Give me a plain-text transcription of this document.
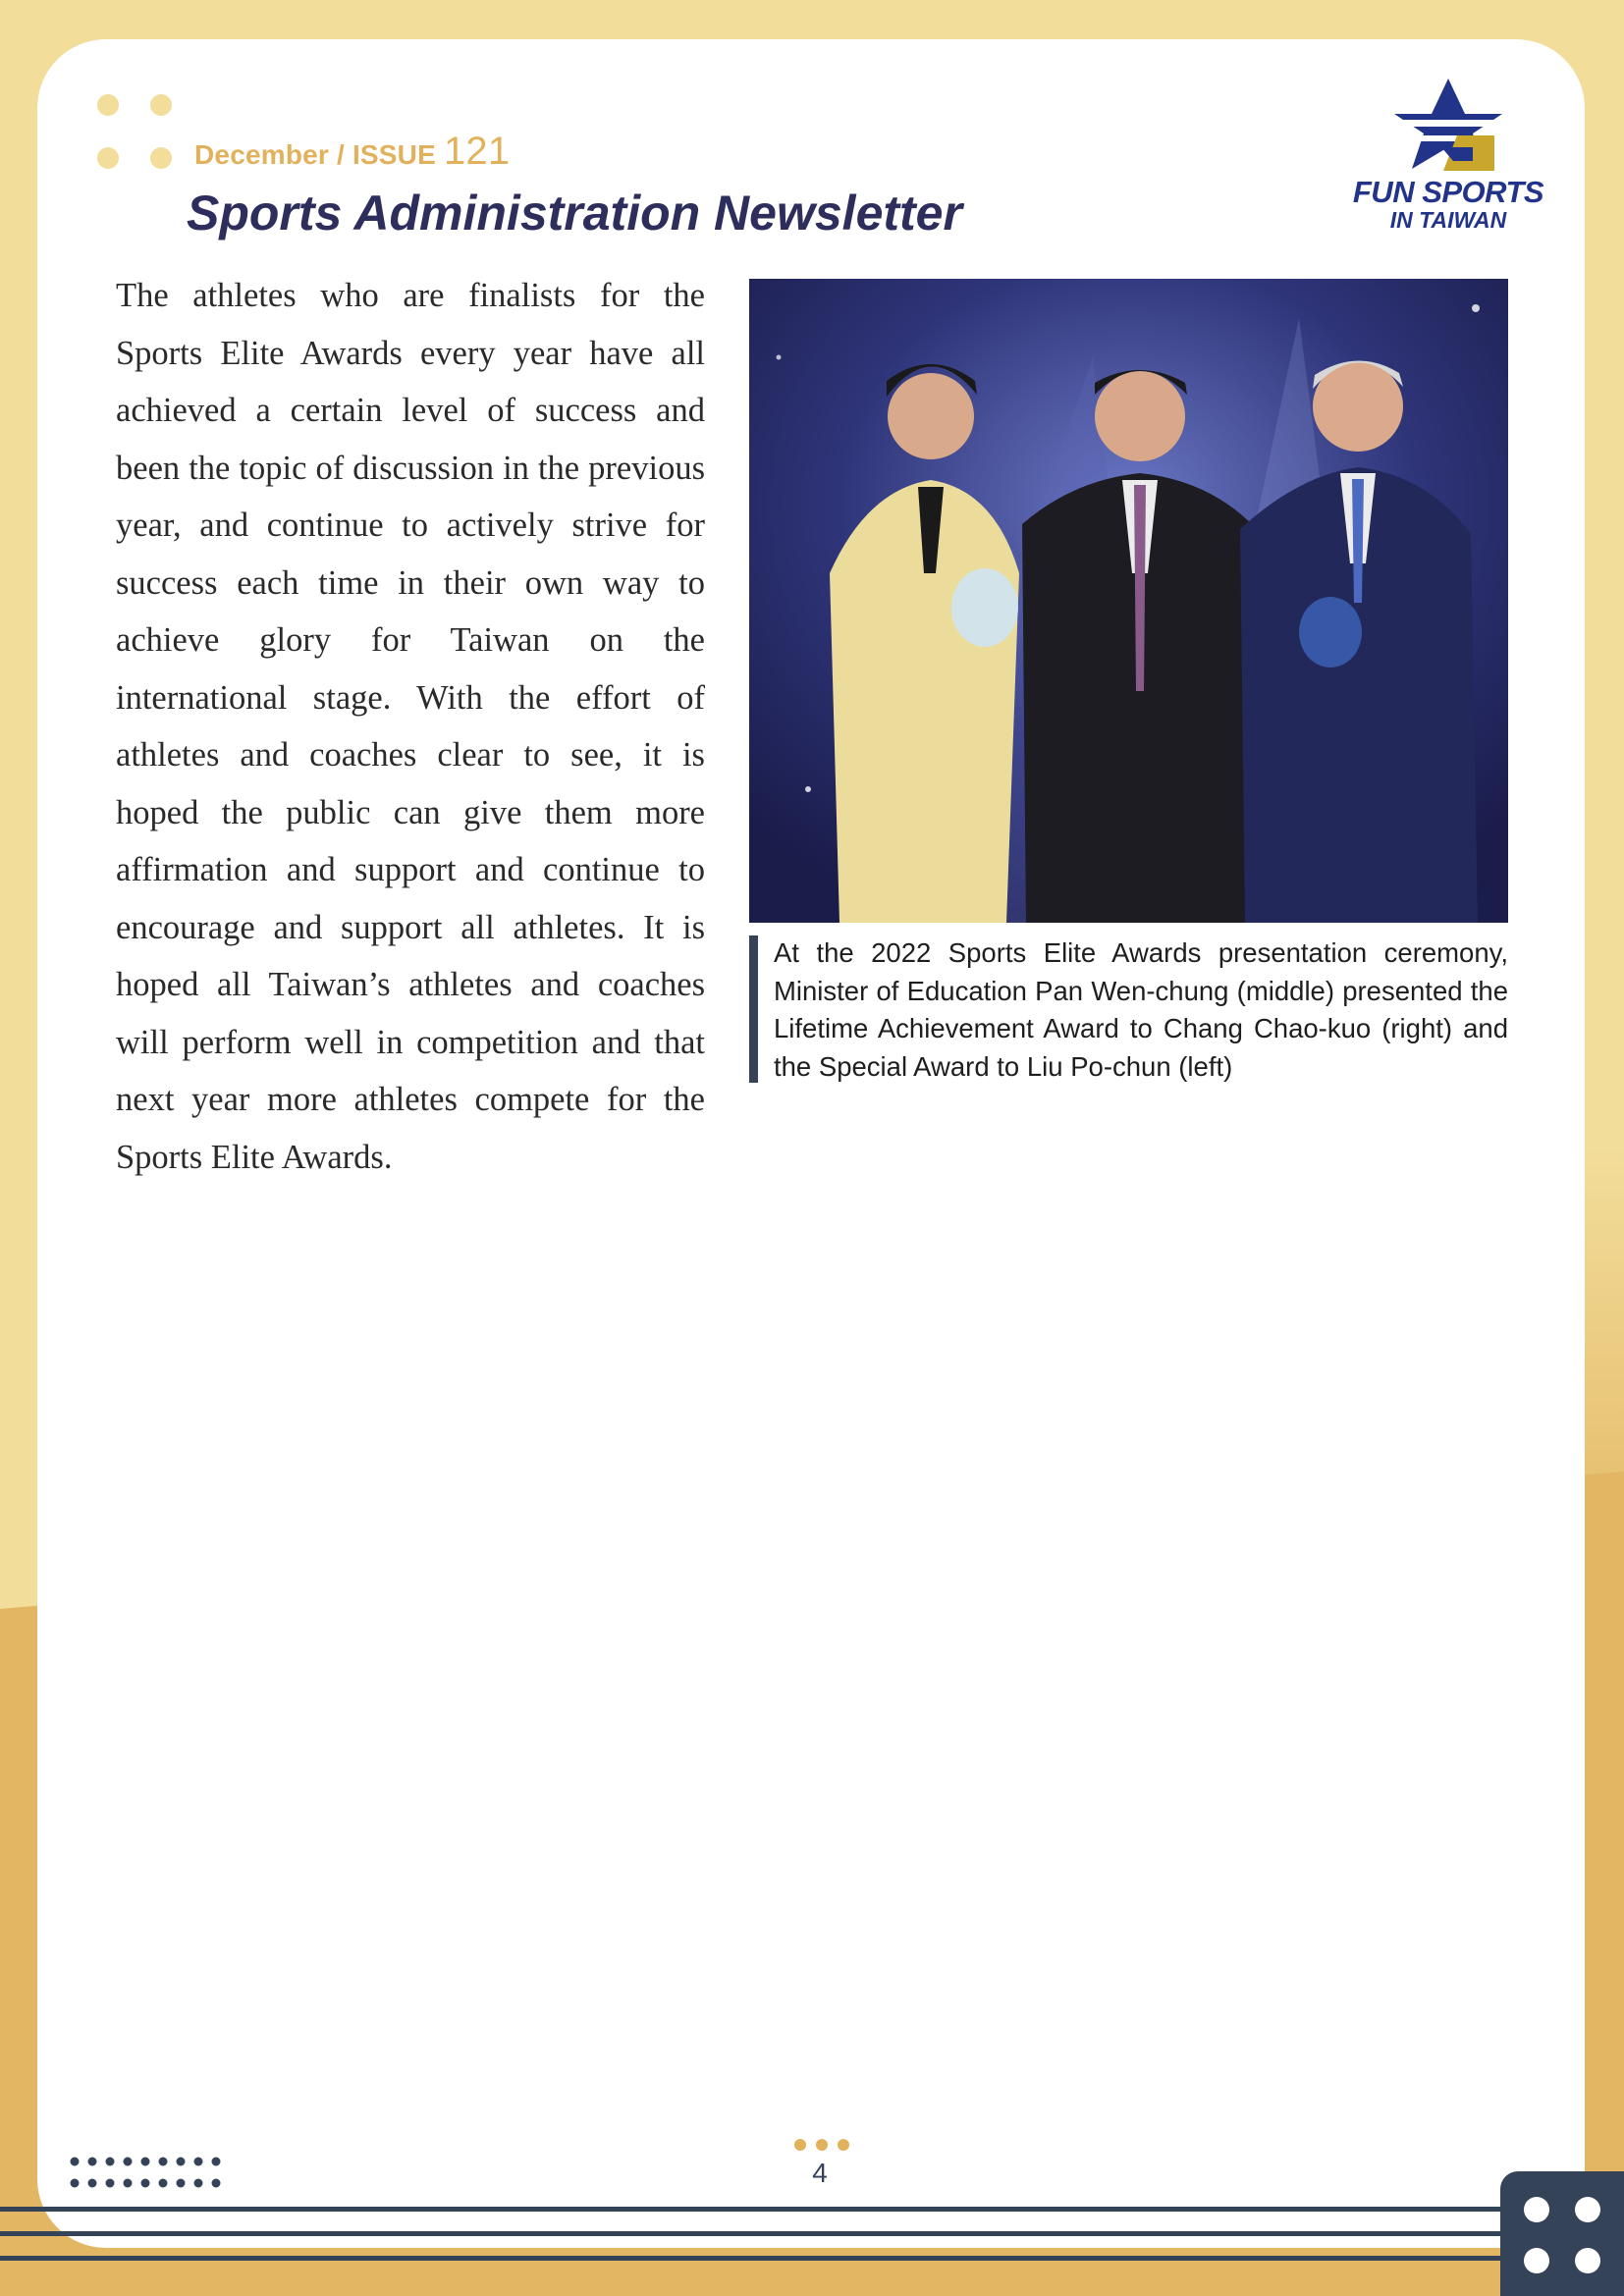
December / ISSUE 121
Sports Administration Newsletter	FUN SPORTS
IN TAIWAN

The athletes who are finalists for the Sports Elite Awards every year have all achieved a certain level of success and been the topic of discussion in the previous year, and continue to actively strive for success each time in their own way to achieve glory for Taiwan on the international stage. With the effort of athletes and coaches clear to see, it is hoped the public can give them more affirmation and support and continue to encourage and support all athletes. It is hoped all Taiwan’s athletes and coaches will perform well in competition and that next year more athletes compete for the Sports Elite Awards.

At the 2022 Sports Elite Awards presentation ceremony, Minister of Education Pan Wen-chung (middle) presented the Lifetime Achievement Award to Chang Chao-kuo (right) and the Special Award to Liu Po-chun (left)

4
